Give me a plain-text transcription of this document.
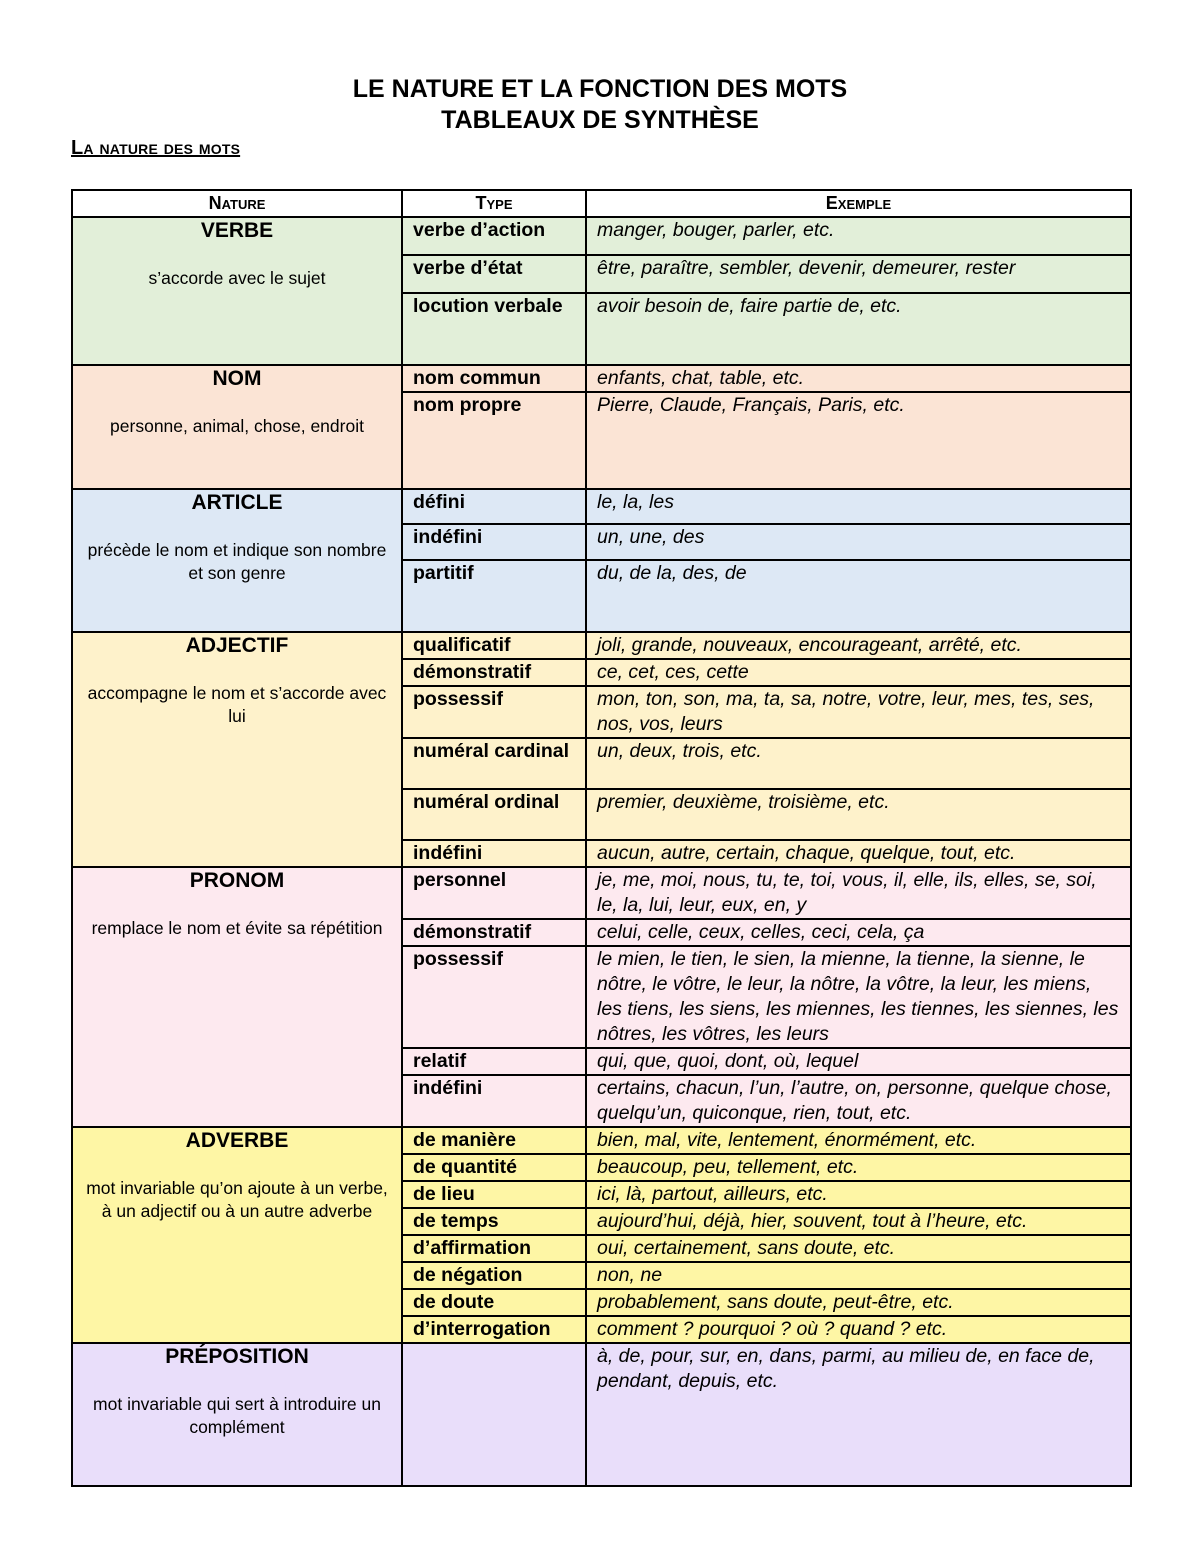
LE NATURE ET LA FONCTION DES MOTS
TABLEAUX DE SYNTHÈSE
La nature des mots
Nature	Type	Exemple

VERBE
s’accorde avec le sujet	verbe d’action	manger, bouger, parler, etc.
	verbe d’état	être, paraître, sembler, devenir, demeurer, rester
	locution verbale	avoir besoin de, faire partie de, etc.

NOM
personne, animal, chose, endroit	nom commun	enfants, chat, table, etc.
	nom propre	Pierre, Claude, Français, Paris, etc.

ARTICLE
précède le nom et indique son nombre et son genre	défini	le, la, les
	indéfini	un, une, des
	partitif	du, de la, des, de

ADJECTIF
accompagne le nom et s’accorde avec lui	qualificatif	joli, grande, nouveaux, encourageant, arrêté, etc.
	démonstratif	ce, cet, ces, cette
	possessif	mon, ton, son, ma, ta, sa, notre, votre, leur, mes, tes, ses, nos, vos, leurs
	numéral cardinal	un, deux, trois, etc.
	numéral ordinal	premier, deuxième, troisième, etc.
	indéfini	aucun, autre, certain, chaque, quelque, tout, etc.

PRONOM
remplace le nom et évite sa répétition	personnel	je, me, moi, nous, tu, te, toi, vous, il, elle, ils, elles, se, soi, le, la, lui, leur, eux, en, y
	démonstratif	celui, celle, ceux, celles, ceci, cela, ça
	possessif	le mien, le tien, le sien, la mienne, la tienne, la sienne, le nôtre, le vôtre, le leur, la nôtre, la vôtre, la leur, les miens, les tiens, les siens, les miennes, les tiennes, les siennes, les nôtres, les vôtres, les leurs
	relatif	qui, que, quoi, dont, où, lequel
	indéfini	certains, chacun, l’un, l’autre, on, personne, quelque chose, quelqu’un, quiconque, rien, tout, etc.

ADVERBE
mot invariable qu’on ajoute à un verbe, à un adjectif ou à un autre adverbe	de manière	bien, mal, vite, lentement, énormément, etc.
	de quantité	beaucoup, peu, tellement, etc.
	de lieu	ici, là, partout, ailleurs, etc.
	de temps	aujourd’hui, déjà, hier, souvent, tout à l’heure, etc.
	d’affirmation	oui, certainement, sans doute, etc.
	de négation	non, ne
	de doute	probablement, sans doute, peut-être, etc.
	d’interrogation	comment ? pourquoi ? où ? quand ? etc.

PRÉPOSITION
mot invariable qui sert à introduire un complément		à, de, pour, sur, en, dans, parmi, au milieu de, en face de, pendant, depuis, etc.
